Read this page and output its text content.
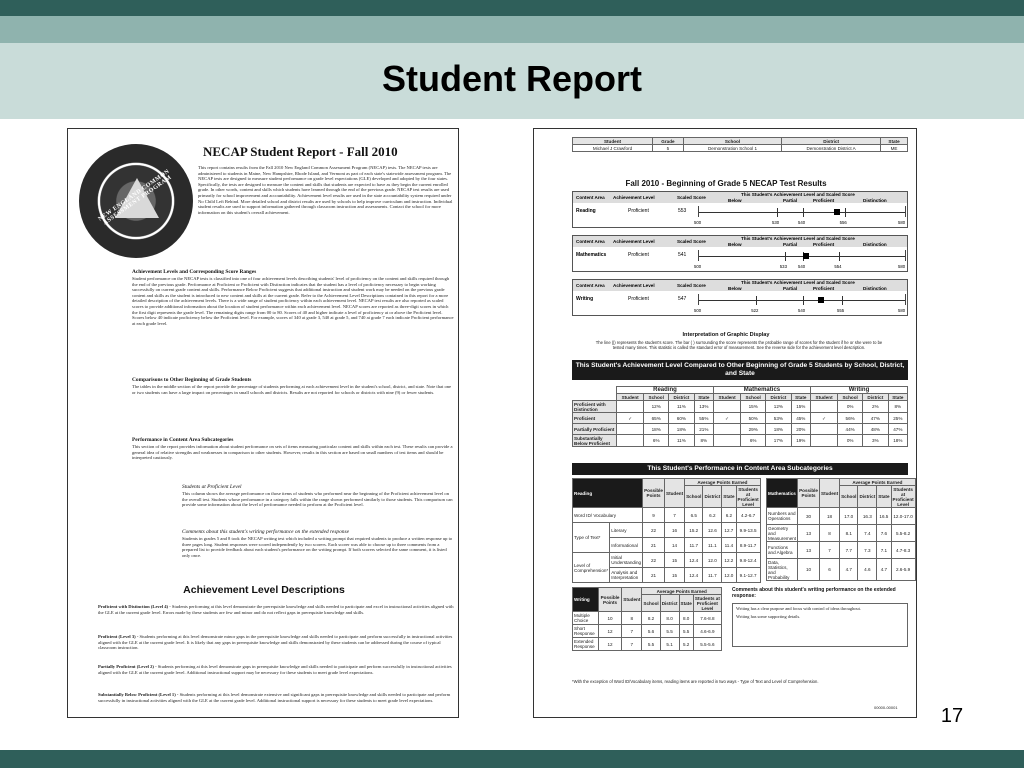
Student Report
NEW ENGLAND COMMON ASSESSMENT PROGRAM
NECAP Student Report - Fall 2010
This report contains results from the Fall 2010 New England Common Assessment Program (NECAP) tests. The NECAP tests are administered to students in Maine, New Hampshire, Rhode Island, and Vermont as part of each state's statewide assessment program. The NECAP tests are designed to measure student performance on grade level expectations (GLE) developed and adopted by the four states. Specifically, the tests are designed to measure the content and skills that students are expected to have as they begin the current enrolled grade. In other words, content and skills which students have learned through the end of the previous grade. NECAP test results are used primarily for school improvement and accountability. Achievement level results are used in the state accountability system required under No Child Left Behind. More detailed school and district results are used by schools to help improve curriculum and instruction. Individual student results are used to support information gathered through classroom instruction and assessments. Contact the school for more information on this student's overall achievement.
Achievement Levels and Corresponding Score Ranges
Student performance on the NECAP tests is classified into one of four achievement levels describing students' level of proficiency on the content and skills required through the end of the previous grade. Performance at Proficient or Proficient with Distinction indicates that the student has a level of proficiency necessary to begin working successfully on current grade content and skills. Performance Below Proficient suggests that additional instruction and student work may be needed on the previous grade content and skills as the student is introduced to new content and skills at the current grade. Refer to the Achievement Level Descriptions contained in this report for a more detailed description of the achievement levels. There is a wide range of student proficiency within each achievement level. NECAP test results are also reported as scaled scores to provide additional information about the location of student performance within each achievement level. NECAP scores are reported as three-digit scores in which the first digit represents the grade level. The remaining digits range from 00 to 80. Scores of 40 and higher indicate a level of proficiency at or above the Proficient level. Scores below 40 indicate proficiency below the Proficient level. For example, scores of 340 at grade 3, 540 at grade 5, and 740 at grade 7 each indicate Proficient performance at each grade level.
Comparisons to Other Beginning of Grade Students
The tables in the middle section of the report provide the percentage of students performing at each achievement level in the student's school, district, and state. Note that one or two students can have a large impact on percentages in small schools and districts. Results are not reported for schools or districts with nine (9) or fewer students.
Performance in Content Area Subcategories
This section of the report provides information about student performance on sets of items measuring particular content and skills within each test. These results can provide a general idea of relative strengths and weaknesses in comparison to other students. However, results in this section are based on small numbers of test items and should be interpreted cautiously.
Students at Proficient Level
This column shows the average performance on those items of students who performed near the beginning of the Proficient achievement level on the overall test. Students whose performance in a category falls within the range shown performed similarly to those students. This comparison can provide some information about the level of performance needed to perform at the Proficient level.
Comments about this student's writing performance on the extended response
Students in grades 5 and 8 took the NECAP writing test which included a writing prompt that required students to produce a written response up to three pages long. Student responses were scored independently by two scorers. Each scorer was able to choose up to three comments from a prepared list to provide feedback about each student's performance on the writing prompt. If both scorers selected the same comment, it is listed only once.
Achievement Level Descriptions
Proficient with Distinction (Level 4) - Students performing at this level demonstrate the prerequisite knowledge and skills needed to participate and excel in instructional activities aligned with the GLE at the current grade level. Errors made by these students are few and minor and do not reflect gaps in prerequisite knowledge and skills.
Proficient (Level 3) - Students performing at this level demonstrate minor gaps in the prerequisite knowledge and skills needed to participate and perform successfully in instructional activities aligned with the GLE at the current grade level. It is likely that any gaps in prerequisite knowledge and skills demonstrated by these students can be addressed during the course of typical classroom instruction.
Partially Proficient (Level 2) - Students performing at this level demonstrate gaps in prerequisite knowledge and skills needed to participate and perform successfully in instructional activities aligned with the GLE at the current grade level. Additional instructional support may be necessary for these students to meet grade level expectations.
Substantially Below Proficient (Level 1) - Students performing at this level demonstrate extensive and significant gaps in prerequisite knowledge and skills needed to participate and perform successfully in instructional activities aligned with the GLE at the current grade level. Additional instructional support is necessary for these students to meet grade level expectations.
Student	Grade	School	District	State
Michael J Crawford	5	Demonstration School 1	Demonstration District A	ME
Fall 2010 - Beginning of Grade 5 NECAP Test Results
Content Area Achievement Level	Scaled Score
This Student's Achievement Level and Scaled Score
Below	Partial	Proficient	Distinction
Reading	Proficient	553
500	530	540	556	580
Content Area Achievement Level	Scaled Score
This Student's Achievement Level and Scaled Score
Below	Partial	Proficient	Distinction
Mathematics	Proficient	541
500	533	540	554	580
Content Area Achievement Level	Scaled Score
This Student's Achievement Level and Scaled Score
Below	Partial	Proficient	Distinction
Writing	Proficient	547
500	522	540	555	580
Interpretation of Graphic Display
The line (|) represents the student's score. The bar ( ) surrounding the score represents the probable range of scores for the student if he or she were to be tested many times. This statistic is called the standard error of measurement. See the reverse side for the achievement level description.
This Student's Achievement Level Compared to Other Beginning of Grade 5 Students by School, District, and State
	Reading				Mathematics				Writing			
	Student	School	District	State	Student	School	District	State	Student	School	District	State
Proficient with Distinction		12%	11%	13%		15%	12%	15%		0%	2%	8%
Proficient	✓	65%	60%	55%	✓	50%	53%	45%	✓	56%	47%	25%
Partially Proficient		18%	18%	21%		29%	18%	20%		44%	48%	47%
Substantially Below Proficient		6%	11%	8%		6%	17%	19%		0%	3%	18%
This Student's Performance in Content Area Subcategories
Reading		Possible Points	Student	Average Points Earned			
				School	District	State	Students at Proficient Level
Word ID/ Vocabulary		9	7	6.5	6.2	6.2	4.2-6.7
Type of Text*	Literary	22	16	15.2	12.6	12.7	9.9-13.5
	Informational	21	14	11.7	11.1	11.4	8.9-11.7
Level of Comprehension*	Initial Understanding	22	15	12.4	12.0	12.2	9.8-12.4
	Analysis and Interpretation	21	15	12.4	11.7	12.0	9.1-12.7
Mathematics	Possible Points	Student	Average Points Earned			
			School	District	State	Students at Proficient Level
Numbers and Operations	30	18	17.0	16.3	16.5	12.0-17.0
Geometry and Measurement	13	8	8.1	7.4	7.6	5.5-8.2
Functions and Algebra	13	7	7.7	7.3	7.1	4.7-8.3
Data, Statistics, and Probability	10	6	4.7	4.6	4.7	2.6-5.9
Writing	Possible Points	Student	Average Points Earned			
			School	District	State	Students at Proficient Level
Multiple Choice	10	8	8.2	8.0	8.0	7.6-8.8
Short Response	12	7	5.6	5.5	5.5	4.6-6.9
Extended Response	12	7	5.5	5.1	5.2	5.5-5.6
Comments about this student's writing performance on the extended response:
Writing has a clear purpose and focus with control of ideas throughout.
Writing has some supporting details.
*With the exception of Word ID/Vocabulary items, reading items are reported in two ways - Type of Text and Level of Comprehension.
00000-00001	17
